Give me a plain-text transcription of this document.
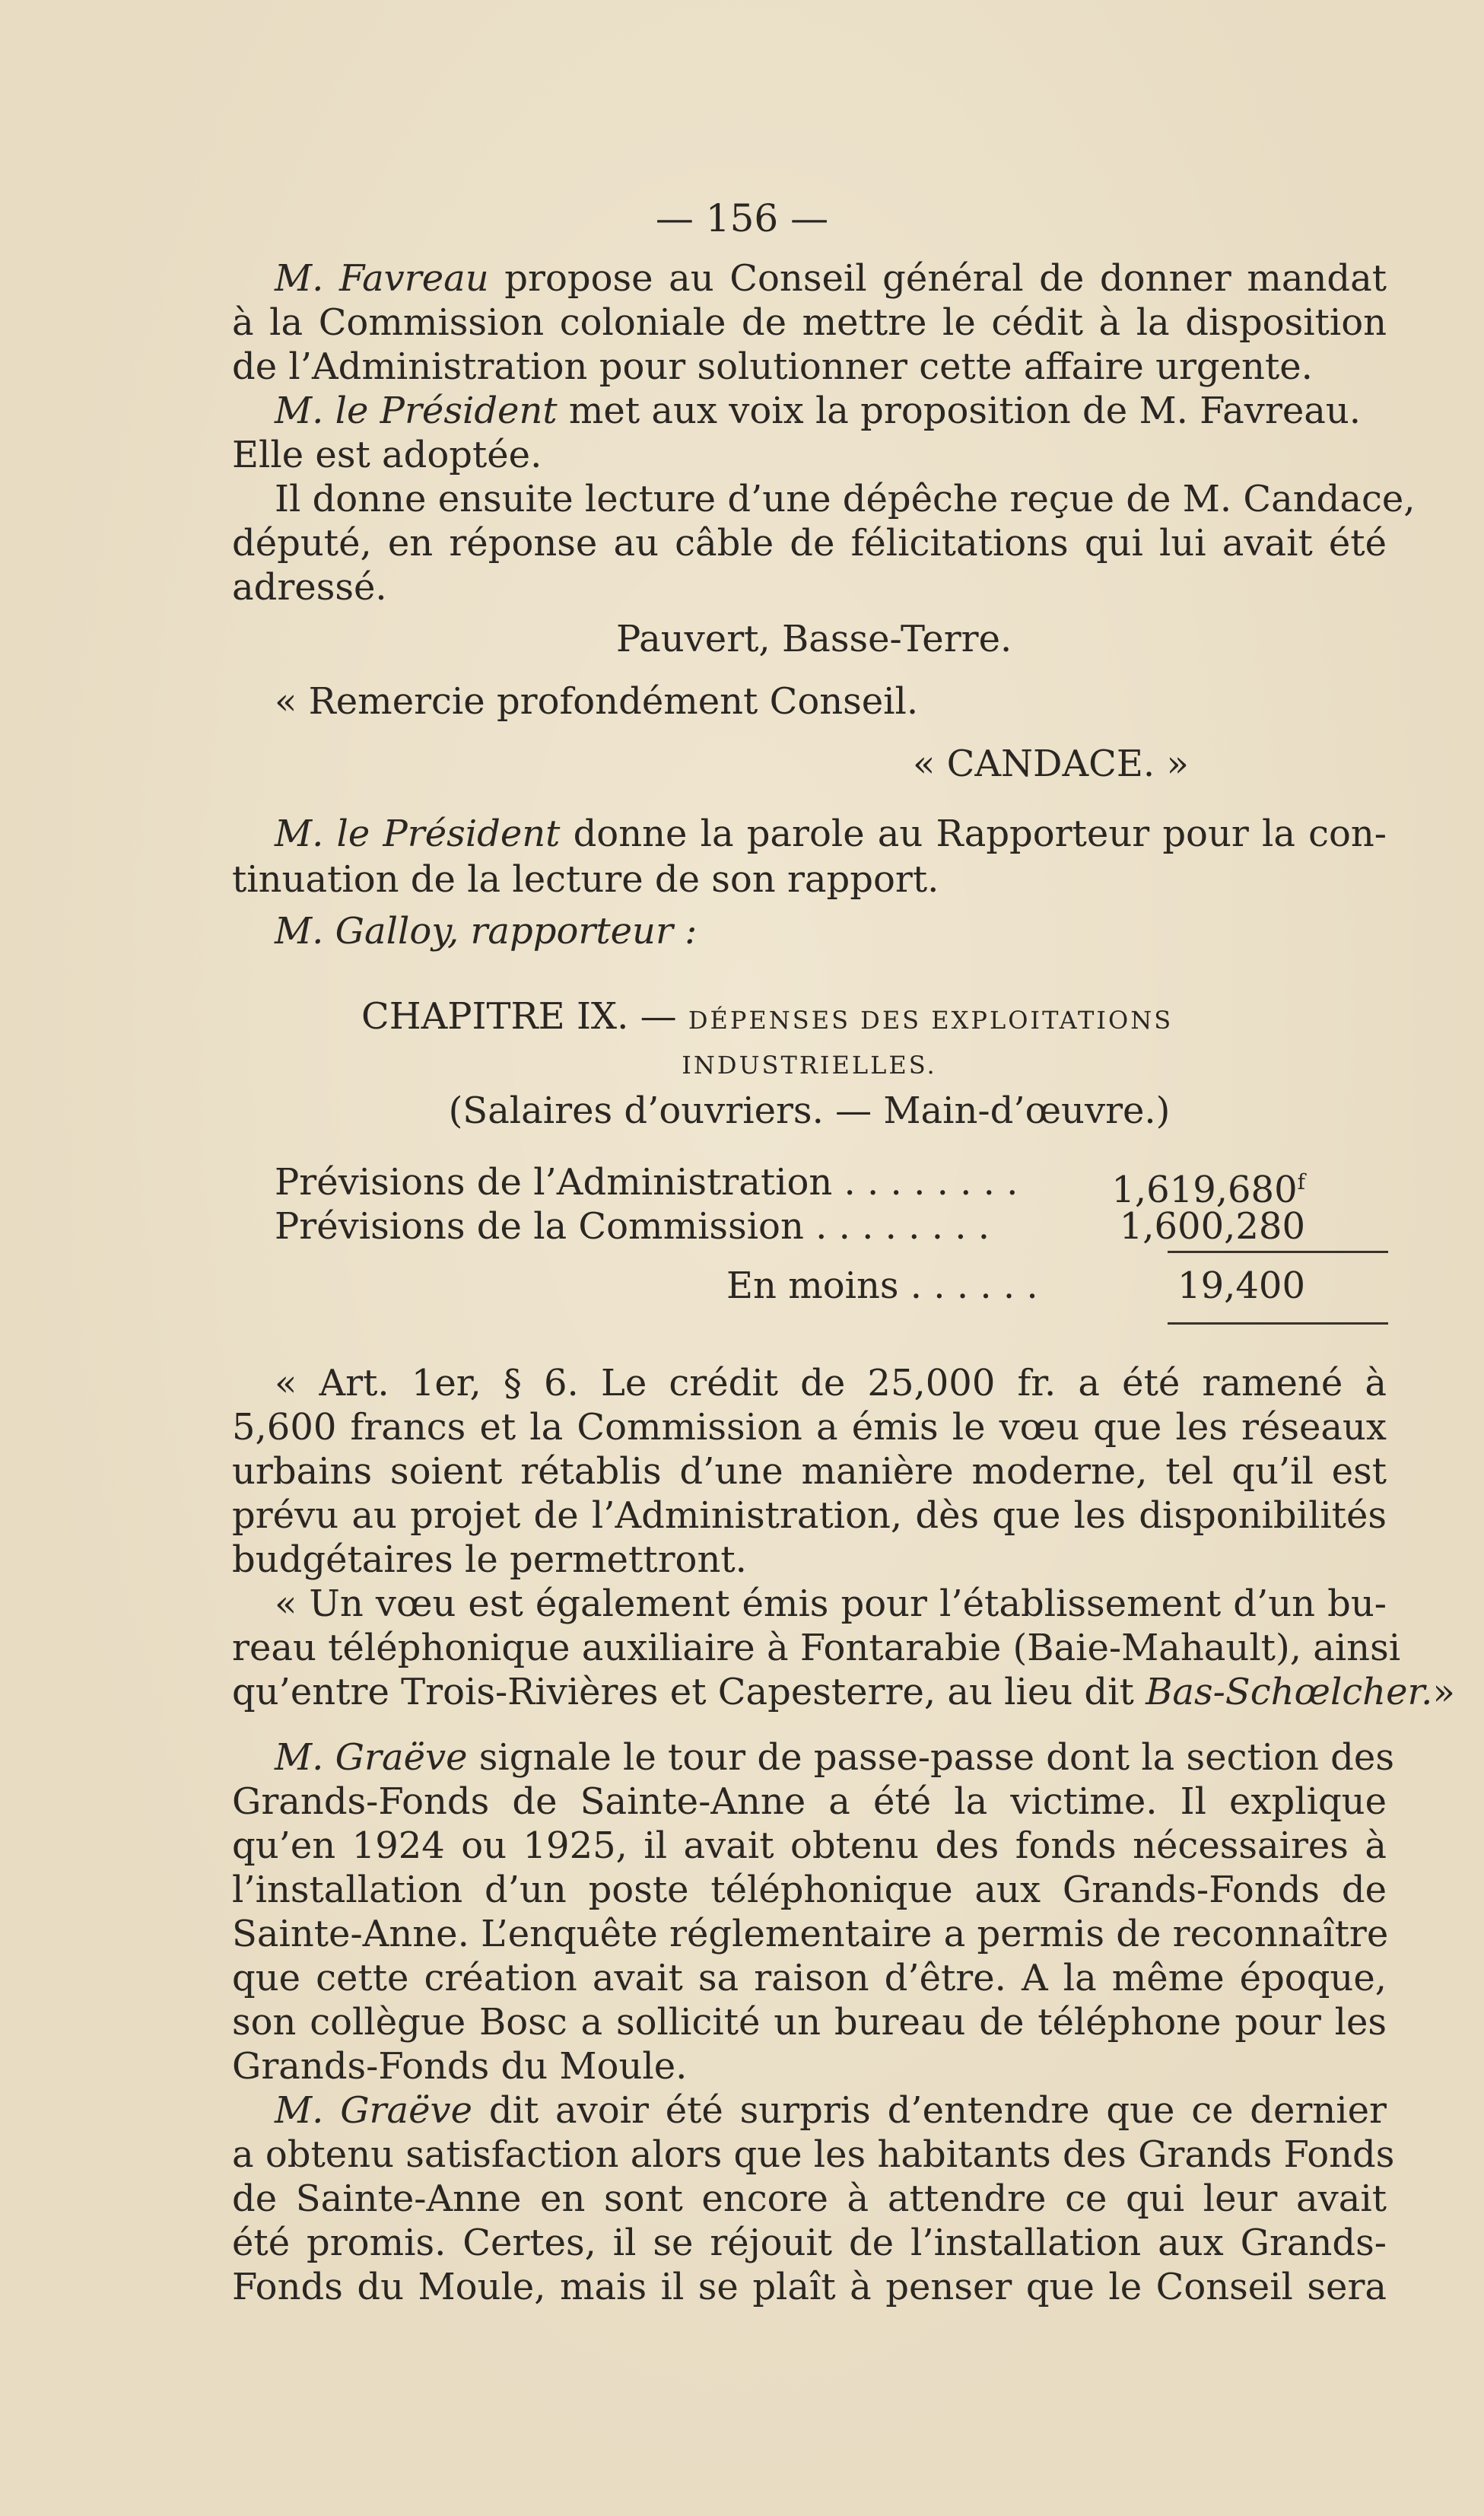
— 156 —
M. Favreau propose au Conseil général de donner mandat
à la Commission coloniale de mettre le cédit à la disposition
de l’Administration pour solutionner cette affaire urgente.
M. le Président met aux voix la proposition de M. Favreau.
Elle est adoptée.
Il donne ensuite lecture d’une dépêche reçue de M. Candace,
député, en réponse au câble de félicitations qui lui avait été
adressé.
Pauvert, Basse-Terre.
« Remercie profondément Conseil.
« CANDACE. »
M. le Président donne la parole au Rapporteur pour la con-
tinuation de la lecture de son rapport.
M. Galloy, rapporteur :
CHAPITRE IX. — DÉPENSES DES EXPLOITATIONS
INDUSTRIELLES.
(Salaires d’ouvriers. — Main-d’œuvre.)
Prévisions de l’Administration . . . . . . . .	1,619,680$^f$
Prévisions de la Commission . . . . . . . .	1,600,280
En moins . . . . . .	19,400
« Art. 1er, § 6. Le crédit de 25,000 fr. a été ramené à
5,600 francs et la Commission a émis le vœu que les réseaux
urbains soient rétablis d’une manière moderne, tel qu’il est
prévu au projet de l’Administration, dès que les disponibilités
budgétaires le permettront.
« Un vœu est également émis pour l’établissement d’un bu-
reau téléphonique auxiliaire à Fontarabie (Baie-Mahault), ainsi
qu’entre Trois-Rivières et Capesterre, au lieu dit Bas-Schœlcher.»
M. Graëve signale le tour de passe-passe dont la section des
Grands-Fonds de Sainte-Anne a été la victime. Il explique
qu’en 1924 ou 1925, il avait obtenu des fonds nécessaires à
l’installation d’un poste téléphonique aux Grands-Fonds de
Sainte-Anne. L’enquête réglementaire a permis de reconnaître
que cette création avait sa raison d’être. A la même époque,
son collègue Bosc a sollicité un bureau de téléphone pour les
Grands-Fonds du Moule.
M. Graëve dit avoir été surpris d’entendre que ce dernier
a obtenu satisfaction alors que les habitants des Grands Fonds
de Sainte-Anne en sont encore à attendre ce qui leur avait
été promis. Certes, il se réjouit de l’installation aux Grands-
Fonds du Moule, mais il se plaît à penser que le Conseil sera
